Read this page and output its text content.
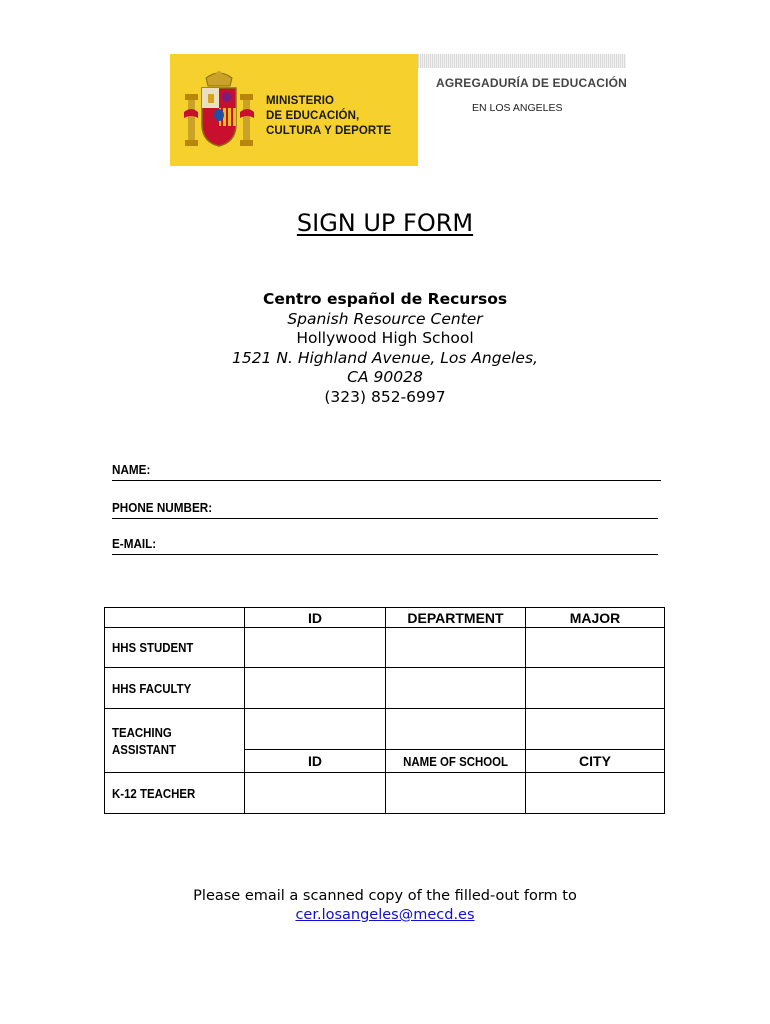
MINISTERIO
DE EDUCACIÓN,
CULTURA Y DEPORTE
AGREGADURÍA DE EDUCACIÓN
EN LOS ANGELES
SIGN UP FORM
Centro español de Recursos
Spanish Resource Center
Hollywood High School
1521 N. Highland Avenue, Los Angeles,
CA 90028
(323) 852-6997
NAME:
PHONE NUMBER:
E-MAIL:
	ID	DEPARTMENT	MAJOR
HHS STUDENT			
HHS FACULTY			
TEACHING ASSISTANT			
	ID	NAME OF SCHOOL	CITY
K-12 TEACHER			
Please email a scanned copy of the filled-out form to
cer.losangeles@mecd.es
